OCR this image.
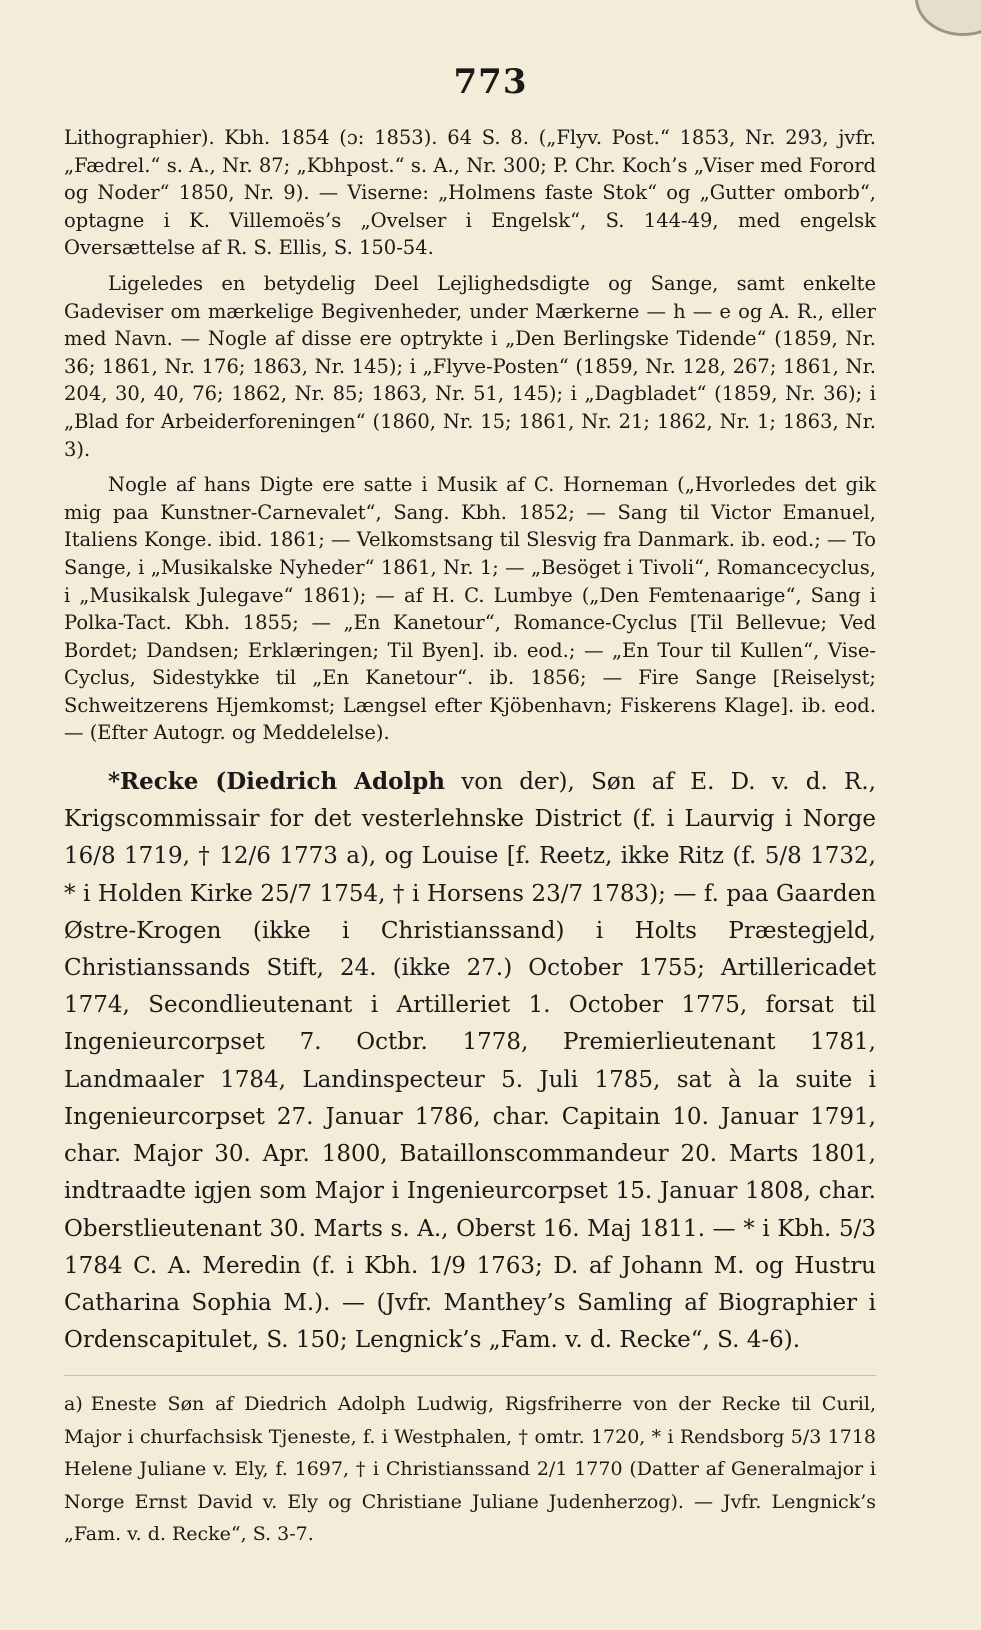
773

Lithographier). Kbh. 1854 (ɔ: 1853). 64 S. 8. („Flyv. Post.“ 1853, Nr. 293, jvfr. „Fædrel.“ s. A., Nr. 87; „Kbhpost.“ s. A., Nr. 300; P. Chr. Koch’s „Viser med Forord og Noder“ 1850, Nr. 9). — Viserne: „Holmens faste Stok“ og „Gutter omborb“, optagne i K. Villemoës’s „Ovelser i Engelsk“, S. 144-49, med engelsk Oversættelse af R. S. Ellis, S. 150-54.

Ligeledes en betydelig Deel Lejlighedsdigte og Sange, samt enkelte Gadeviser om mærkelige Begivenheder, under Mærkerne — h — e og A. R., eller med Navn. — Nogle af disse ere optrykte i „Den Berlingske Tidende“ (1859, Nr. 36; 1861, Nr. 176; 1863, Nr. 145); i „Flyve-Posten“ (1859, Nr. 128, 267; 1861, Nr. 204, 30, 40, 76; 1862, Nr. 85; 1863, Nr. 51, 145); i „Dagbladet“ (1859, Nr. 36); i „Blad for Arbeiderforeningen“ (1860, Nr. 15; 1861, Nr. 21; 1862, Nr. 1; 1863, Nr. 3).

Nogle af hans Digte ere satte i Musik af C. Horneman („Hvorledes det gik mig paa Kunstner-Carnevalet“, Sang. Kbh. 1852; — Sang til Victor Emanuel, Italiens Konge. ibid. 1861; — Velkomstsang til Slesvig fra Danmark. ib. eod.; — To Sange, i „Musikalske Nyheder“ 1861, Nr. 1; — „Besöget i Tivoli“, Romancecyclus, i „Musikalsk Julegave“ 1861); — af H. C. Lumbye („Den Femtenaarige“, Sang i Polka-Tact. Kbh. 1855; — „En Kanetour“, Romance-Cyclus [Til Bellevue; Ved Bordet; Dandsen; Erklæringen; Til Byen]. ib. eod.; — „En Tour til Kullen“, Vise-Cyclus, Sidestykke til „En Kanetour“. ib. 1856; — Fire Sange [Reiselyst; Schweitzerens Hjemkomst; Længsel efter Kjöbenhavn; Fiskerens Klage]. ib. eod. — (Efter Autogr. og Meddelelse).

*Recke (Diedrich Adolph von der), Søn af E. D. v. d. R., Krigscommissair for det vesterlehnske District (f. i Laurvig i Norge 16/8 1719, † 12/6 1773 a), og Louise [f. Reetz, ikke Ritz (f. 5/8 1732, * i Holden Kirke 25/7 1754, † i Horsens 23/7 1783); — f. paa Gaarden Østre-Krogen (ikke i Christianssand) i Holts Præstegjeld, Christianssands Stift, 24. (ikke 27.) October 1755; Artillericadet 1774, Secondlieutenant i Artilleriet 1. October 1775, forsat til Ingenieurcorpset 7. Octbr. 1778, Premierlieutenant 1781, Landmaaler 1784, Landinspecteur 5. Juli 1785, sat à la suite i Ingenieurcorpset 27. Januar 1786, char. Capitain 10. Januar 1791, char. Major 30. Apr. 1800, Bataillonscommandeur 20. Marts 1801, indtraadte igjen som Major i Ingenieurcorpset 15. Januar 1808, char. Oberstlieutenant 30. Marts s. A., Oberst 16. Maj 1811. — * i Kbh. 5/3 1784 C. A. Meredin (f. i Kbh. 1/9 1763; D. af Johann M. og Hustru Catharina Sophia M.). — (Jvfr. Manthey’s Samling af Biographier i Ordenscapitulet, S. 150; Lengnick’s „Fam. v. d. Recke“, S. 4-6).

a) Eneste Søn af Diedrich Adolph Ludwig, Rigsfriherre von der Recke til Curil, Major i churfachsisk Tjeneste, f. i Westphalen, † omtr. 1720, * i Rendsborg 5/3 1718 Helene Juliane v. Ely, f. 1697, † i Christianssand 2/1 1770 (Datter af Generalmajor i Norge Ernst David v. Ely og Christiane Juliane Judenherzog). — Jvfr. Lengnick’s „Fam. v. d. Recke“, S. 3-7.
